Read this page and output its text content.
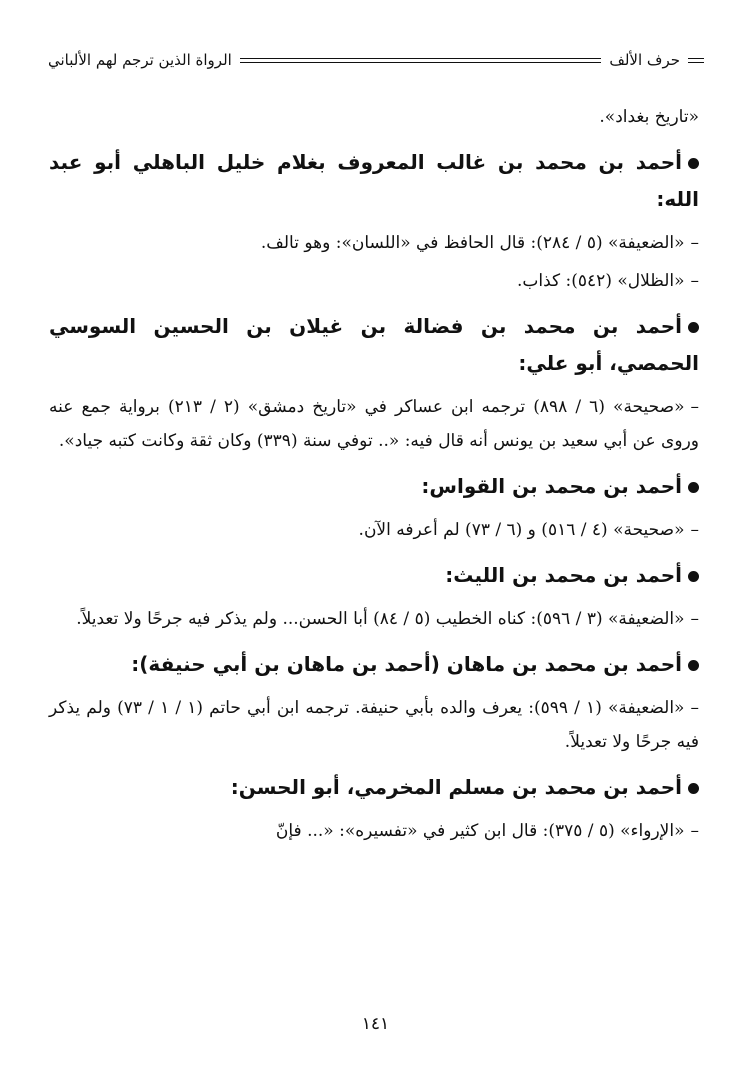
حرف الألف
الرواة الذين ترجم لهم الألباني
«تاريخ بغداد».
أحمد بن محمد بن غالب المعروف بغلام خليل الباهلي أبو عبد الله:
–«الضعيفة» (٥ / ٢٨٤): قال الحافظ في «اللسان»: وهو تالف.
–«الظلال» (٥٤٢): كذاب.
أحمد بن محمد بن فضالة بن غيلان بن الحسين السوسي الحمصي، أبو علي:
–«صحيحة» (٦ / ٨٩٨) ترجمه ابن عساكر في «تاريخ دمشق» (٢ / ٢١٣) برواية جمع عنه وروى عن أبي سعيد بن يونس أنه قال فيه: «.. توفي سنة (٣٣٩) وكان ثقة وكانت كتبه جياد».
أحمد بن محمد بن القواس:
–«صحيحة» (٤ / ٥١٦) و (٦ / ٧٣) لم أعرفه الآن.
أحمد بن محمد بن الليث:
–«الضعيفة» (٣ / ٥٩٦): كناه الخطيب (٥ / ٨٤) أبا الحسن... ولم يذكر فيه جرحًا ولا تعديلاً.
أحمد بن محمد بن ماهان (أحمد بن ماهان بن أبي حنيفة):
–«الضعيفة» (١ / ٥٩٩): يعرف والده بأبي حنيفة. ترجمه ابن أبي حاتم (١ / ١ / ٧٣) ولم يذكر فيه جرحًا ولا تعديلاً.
أحمد بن محمد بن مسلم المخرمي، أبو الحسن:
–«الإرواء» (٥ / ٣٧٥): قال ابن كثير في «تفسيره»: «... فإنّ
١٤١
